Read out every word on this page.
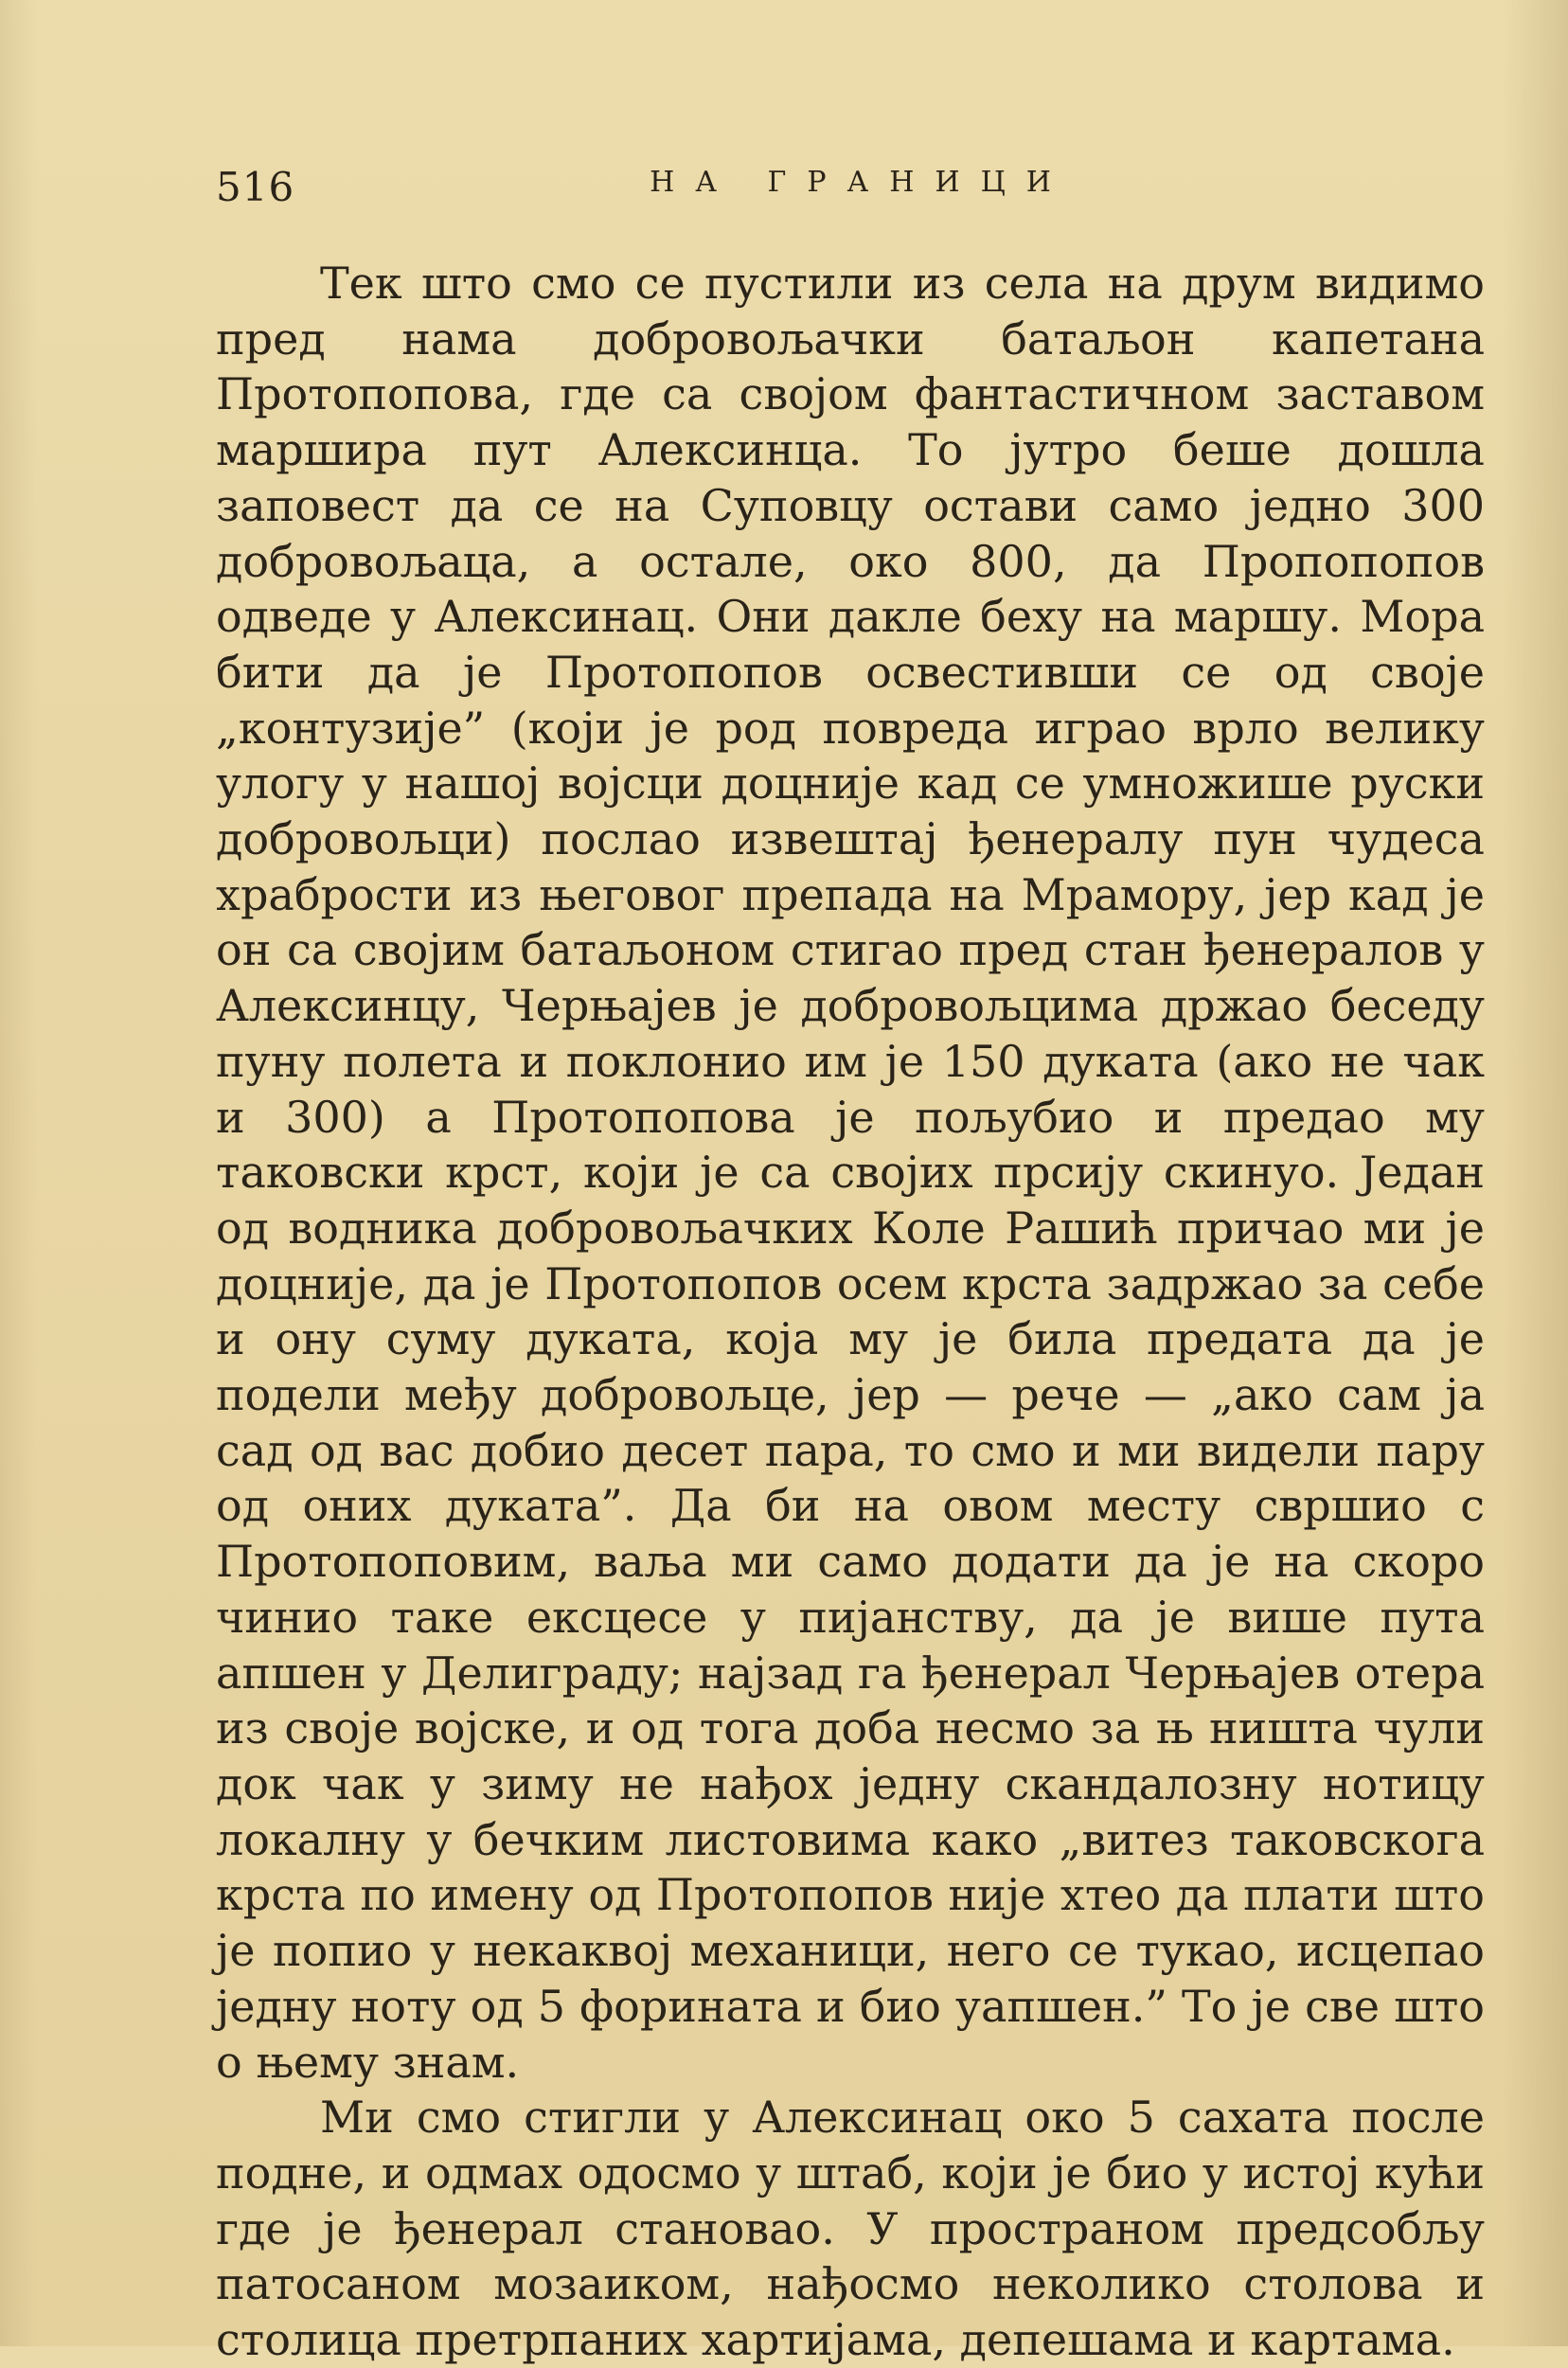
516	НА ГРАНИЦИ

Тек што смо се пустили из села на друм видимо пред нама добровољачки батаљон капетана Протопопова, где са својом фантастичном заставом маршира пут Алексинца. То јутро беше дошла заповест да се на Суповцу остави само једно 300 добровољаца, а остале, око 800, да Пропопопов одведе у Алексинац. Они дакле беху на маршу. Мора бити да је Протопопов освестивши се од своје „контузије” (који је род повреда играо врло велику улогу у нашој војсци доцније кад се умножише руски добровољци) послао извештај ђенералу пун чудеса храбрости из његовог препада на Мрамору, јер кад је он са својим батаљоном стигао пред стан ђенералов у Алексинцу, Черњајев је добровољцима држао беседу пуну полета и поклонио им је 150 дуката (ако не чак и 300) а Протопопова је пољубио и предао му таковски крст, који је са својих прсију скинуо. Један од водника добровољачких Коле Рашић причао ми је доцније, да је Протопопов осем крста задржао за себе и ону суму дуката, која му је била предата да је подели међу добровољце, јер — рече — „ако сам ја сад од вас добио десет пара, то смо и ми видели пару од оних дуката”. Да би на овом месту свршио с Протопоповим, ваља ми само додати да је на скоро чинио таке ексцесе у пијанству, да је више пута апшен у Делиграду; најзад га ђенерал Черњајев отера из своје војске, и од тога доба несмо за њ ништа чули док чак у зиму не нађох једну скандалозну нотицу локалну у бечким листовима како „витез таковскога крста по имену од Протопопов није хтео да плати што је попио у некаквој механици, него се тукао, исцепао једну ноту од 5 форината и био уапшен.” То је све што о њему знам.

Ми смо стигли у Алексинац око 5 сахата после подне, и одмах одосмо у штаб, који је био у истој кући где је ђенерал становао. У пространом предсобљу патосаном мозаиком, нађосмо неколико столова и столица претрпаних хартијама, депешама и картама.
